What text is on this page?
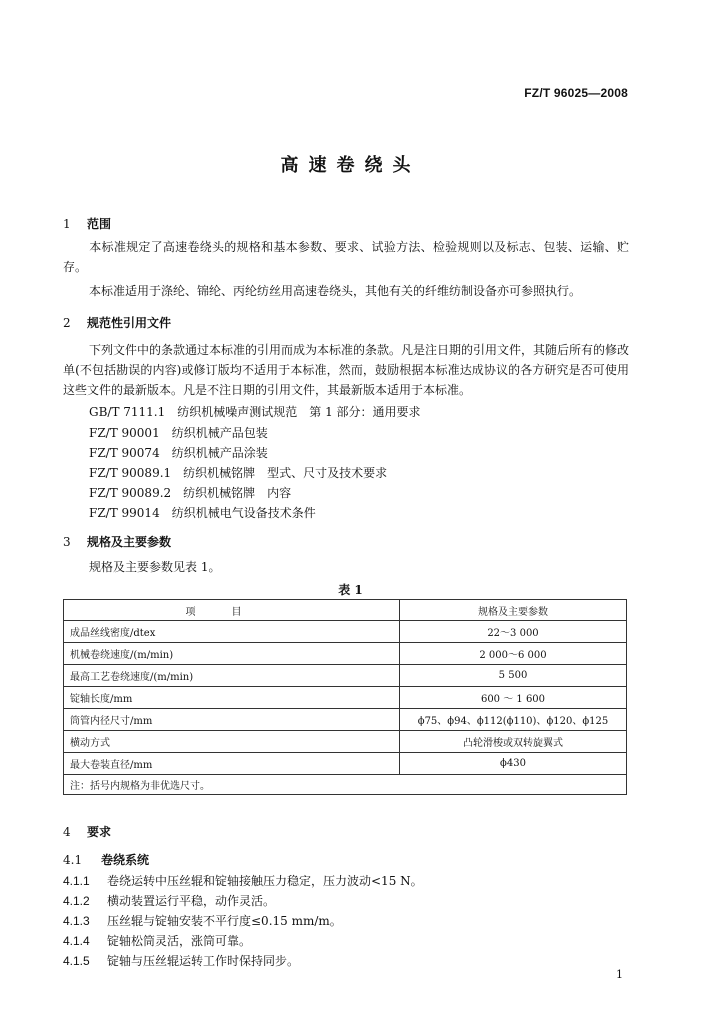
FZ/T 96025—2008
高速卷绕头
1 范围
本标准规定了高速卷绕头的规格和基本参数、要求、试验方法、检验规则以及标志、包装、运输、贮存。
本标准适用于涤纶、锦纶、丙纶纺丝用高速卷绕头，其他有关的纤维纺制设备亦可参照执行。
2 规范性引用文件
下列文件中的条款通过本标准的引用而成为本标准的条款。凡是注日期的引用文件，其随后所有的修改单(不包括勘误的内容)或修订版均不适用于本标准，然而，鼓励根据本标准达成协议的各方研究是否可使用这些文件的最新版本。凡是不注日期的引用文件，其最新版本适用于本标准。
GB/T 7111.1　纺织机械噪声测试规范　第 1 部分：通用要求
FZ/T 90001　纺织机械产品包装
FZ/T 90074　纺织机械产品涂装
FZ/T 90089.1　纺织机械铭牌　型式、尺寸及技术要求
FZ/T 90089.2　纺织机械铭牌　内容
FZ/T 99014　纺织机械电气设备技术条件
3 规格及主要参数
规格及主要参数见表 1。
表 1
项目	规格及主要参数
成品丝线密度/dtex	22～3 000
机械卷绕速度/(m/min)	2 000～6 000
最高工艺卷绕速度/(m/min)	5 500
锭轴长度/mm	600 ～ 1 600
筒管内径尺寸/mm	ϕ75、ϕ94、ϕ112(ϕ110)、ϕ120、ϕ125
横动方式	凸轮滑梭或双转旋翼式
最大卷装直径/mm	ϕ430
注：括号内规格为非优选尺寸。	
4 要求
4.1 卷绕系统
4.1.1 卷绕运转中压丝辊和锭轴接触压力稳定，压力波动<15 N。
4.1.2 横动装置运行平稳，动作灵活。
4.1.3 压丝辊与锭轴安装不平行度≤0.15 mm/m。
4.1.4 锭轴松筒灵活，涨筒可靠。
4.1.5 锭轴与压丝辊运转工作时保持同步。
1
